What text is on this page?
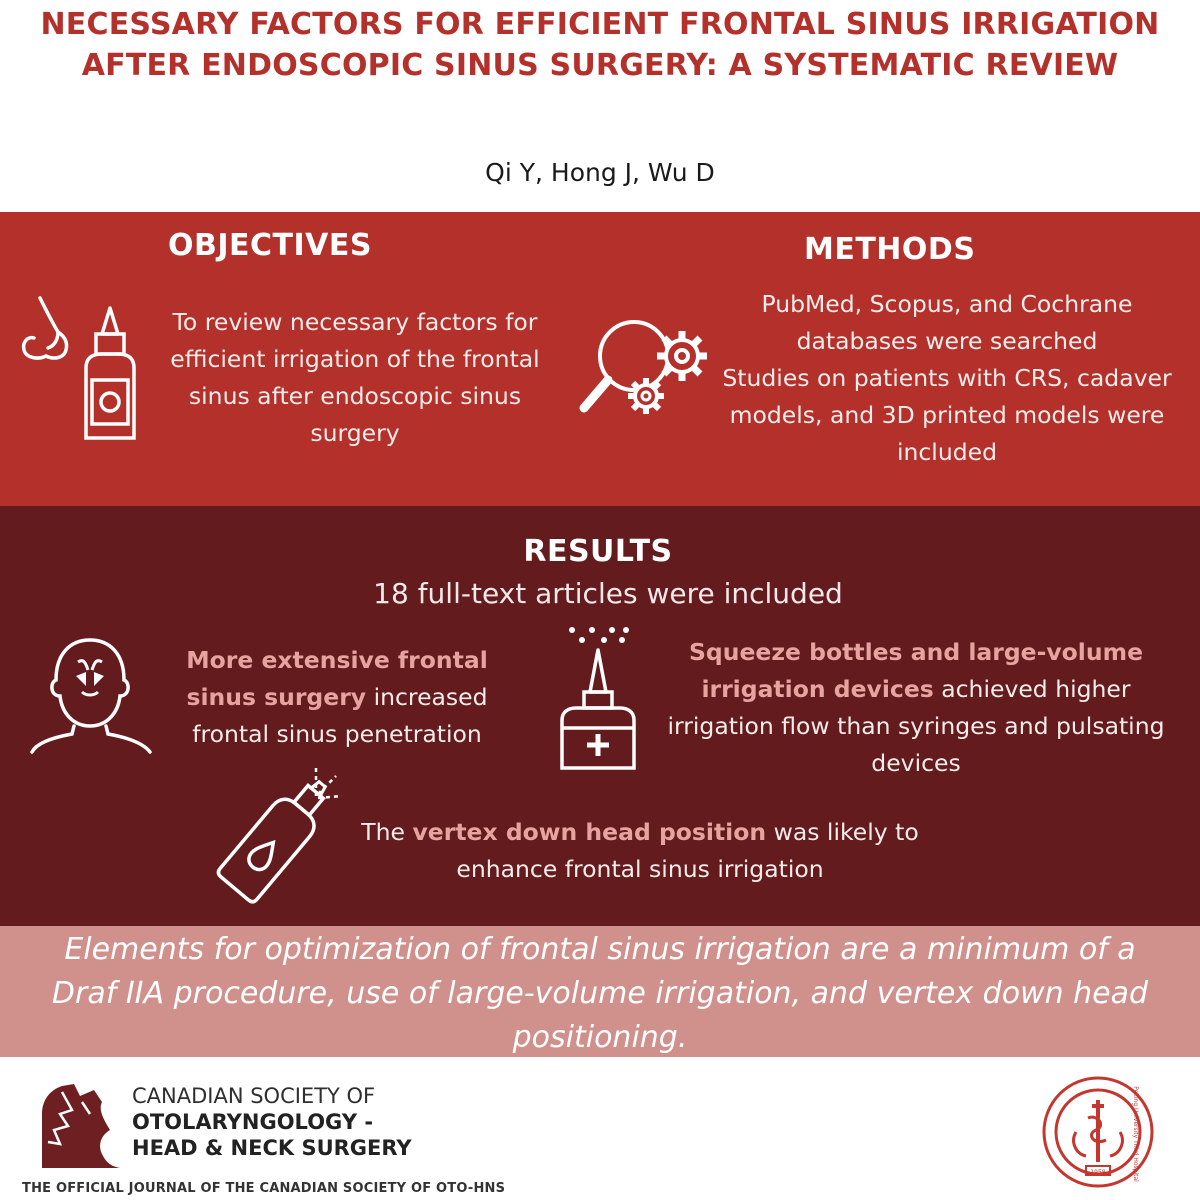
NECESSARY FACTORS FOR EFFICIENT FRONTAL SINUS IRRIGATION AFTER ENDOSCOPIC SINUS SURGERY: A SYSTEMATIC REVIEW
Qi Y, Hong J, Wu D
OBJECTIVES
To review necessary factors for efficient irrigation of the frontal sinus after endoscopic sinus surgery
METHODS
PubMed, Scopus, and Cochrane databases were searched
Studies on patients with CRS, cadaver models, and 3D printed models were included
RESULTS
18 full-text articles were included
More extensive frontal sinus surgery increased frontal sinus penetration
Squeeze bottles and large-volume irrigation devices achieved higher irrigation flow than syringes and pulsating devices
The vertex down head position was likely to enhance frontal sinus irrigation
Elements for optimization of frontal sinus irrigation are a minimum of a Draf IIA procedure, use of large-volume irrigation, and vertex down head positioning.
CANADIAN SOCIETY OF
OTOLARYNGOLOGY -
HEAD & NECK SURGERY
THE OFFICIAL JOURNAL OF THE CANADIAN SOCIETY OF OTO-HNS
1958	Peking University Third Hospital
